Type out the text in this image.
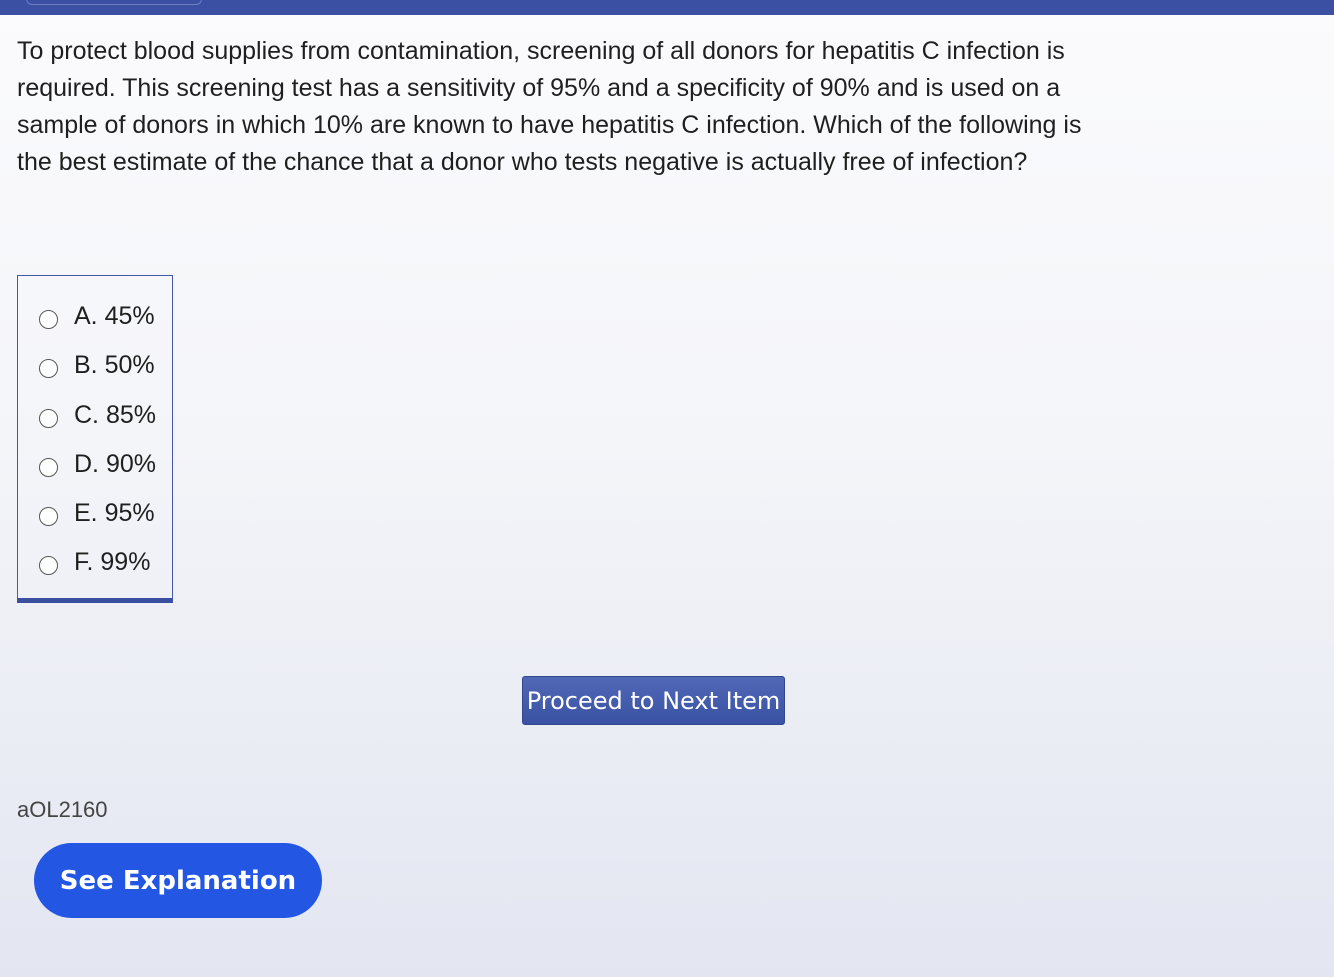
To protect blood supplies from contamination, screening of all donors for hepatitis C infection is required. This screening test has a sensitivity of 95% and a specificity of 90% and is used on a sample of donors in which 10% are known to have hepatitis C infection. Which of the following is the best estimate of the chance that a donor who tests negative is actually free of infection?

A. 45%
B. 50%
C. 85%
D. 90%
E. 95%
F. 99%
Proceed to Next Item
aOL2160
See Explanation
